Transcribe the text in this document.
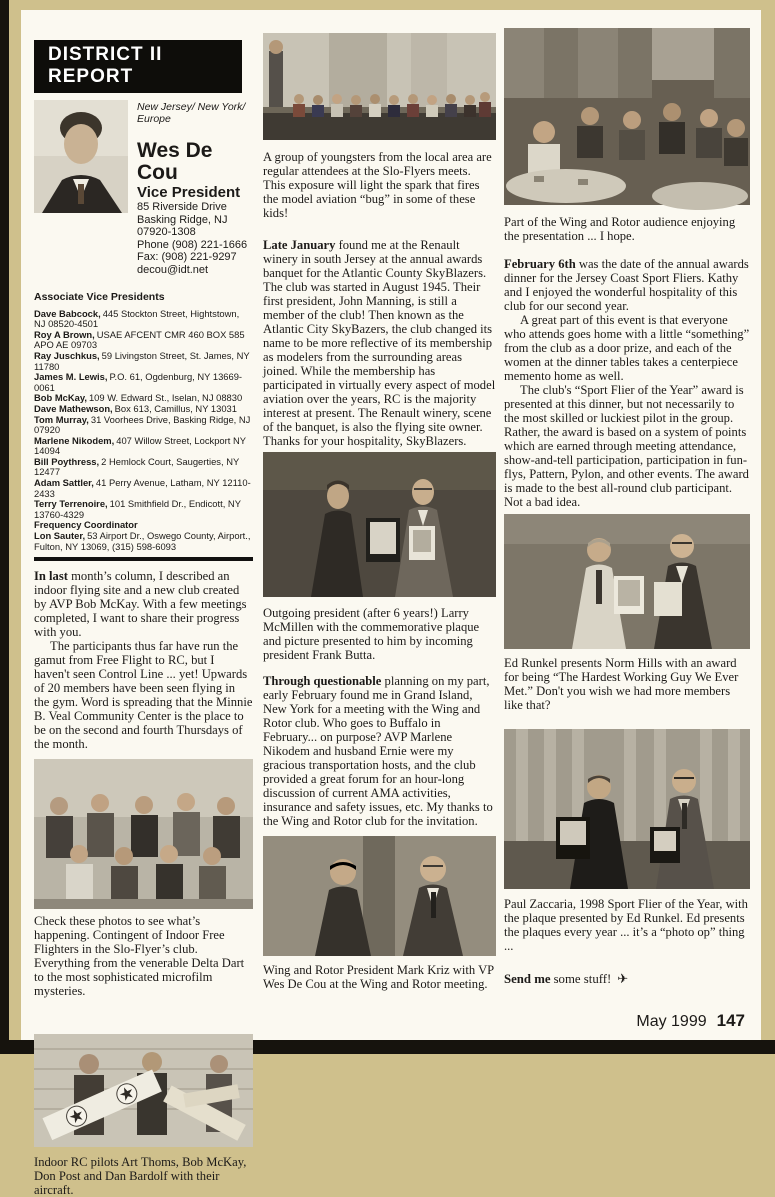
DISTRICT II REPORT
New Jersey/ New York/ Europe
Wes De Cou
Vice President
85 Riverside Drive
Basking Ridge, NJ
07920-1308
Phone (908) 221-1666
Fax: (908) 221-9297
decou@idt.net
Associate Vice Presidents
Dave Babcock, 445 Stockton Street, Hightstown, NJ 08520-4501
Roy A Brown, USAE AFCENT CMR 460 BOX 585 APO AE 09703
Ray Juschkus, 59 Livingston Street, St. James, NY 11780
James M. Lewis, P.O. 61, Ogdenburg, NY 13669-0061
Bob McKay, 109 W. Edward St., Iselan, NJ 08830
Dave Mathewson, Box 613, Camillus, NY 13031
Tom Murray, 31 Voorhees Drive, Basking Ridge, NJ 07920
Marlene Nikodem, 407 Willow Street, Lockport NY 14094
Bill Poythress, 2 Hemlock Court, Saugerties, NY 12477
Adam Sattler, 41 Perry Avenue, Latham, NY 12110-2433
Terry Terrenoire, 101 Smithfield Dr., Endicott, NY 13760-4329
Frequency Coordinator
Lon Sauter, 53 Airport Dr., Oswego County, Airport., Fulton, NY 13069, (315) 598-6093

In last month’s column, I described an indoor flying site and a new club created by AVP Bob McKay. With a few meetings completed, I want to share their progress with you.

The participants thus far have run the gamut from Free Flight to RC, but I haven't seen Control Line ... yet! Upwards of 20 members have been seen flying in the gym. Word is spreading that the Minnie B. Veal Community Center is the place to be on the second and fourth Thursdays of the month.

Check these photos to see what’s happening. Contingent of Indoor Free Flighters in the Slo-Flyer’s club. Everything from the venerable Delta Dart to the most sophisticated microfilm mysteries.
Indoor RC pilots Art Thoms, Bob McKay, Don Post and Dan Bardolf with their aircraft.
A group of youngsters from the local area are regular attendees at the Slo-Flyers meets. This exposure will light the spark that fires the model aviation “bug” in some of these kids!

Late January found me at the Renault winery in south Jersey at the annual awards banquet for the Atlantic County SkyBlazers. The club was started in August 1945. Their first president, John Manning, is still a member of the club! Then known as the Atlantic City SkyBazers, the club changed its name to be more reflective of its membership as modelers from the surrounding areas joined. While the membership has participated in virtually every aspect of model aviation over the years, RC is the majority interest at present. The Renault winery, scene of the banquet, is also the flying site owner. Thanks for your hospitality, SkyBlazers.

Outgoing president (after 6 years!) Larry McMillen with the commemorative plaque and picture presented to him by incoming president Frank Butta.

Through questionable planning on my part, early February found me in Grand Island, New York for a meeting with the Wing and Rotor club. Who goes to Buffalo in February... on purpose? AVP Marlene Nikodem and husband Ernie were my gracious transportation hosts, and the club provided a great forum for an hour-long discussion of current AMA activities, insurance and safety issues, etc. My thanks to the Wing and Rotor club for the invitation.

Wing and Rotor President Mark Kriz with VP Wes De Cou at the Wing and Rotor meeting.
Part of the Wing and Rotor audience enjoying the presentation ... I hope.

February 6th was the date of the annual awards dinner for the Jersey Coast Sport Fliers. Kathy and I enjoyed the wonderful hospitality of this club for our second year.

A great part of this event is that everyone who attends goes home with a little “something” from the club as a door prize, and each of the women at the dinner tables takes a centerpiece memento home as well.

The club's “Sport Flier of the Year” award is presented at this dinner, but not necessarily to the most skilled or luckiest pilot in the group. Rather, the award is based on a system of points which are earned through meeting attendance, show-and-tell participation, participation in fun-flys, Pattern, Pylon, and other events. The award is made to the best all-round club participant. Not a bad idea.

Ed Runkel presents Norm Hills with an award for being “The Hardest Working Guy We Ever Met.” Don't you wish we had more members like that?
Paul Zaccaria, 1998 Sport Flier of the Year, with the plaque presented by Ed Runkel. Ed presents the plaques every year ... it’s a “photo op” thing ...
Send me some stuff! ✈
May 1999 147
